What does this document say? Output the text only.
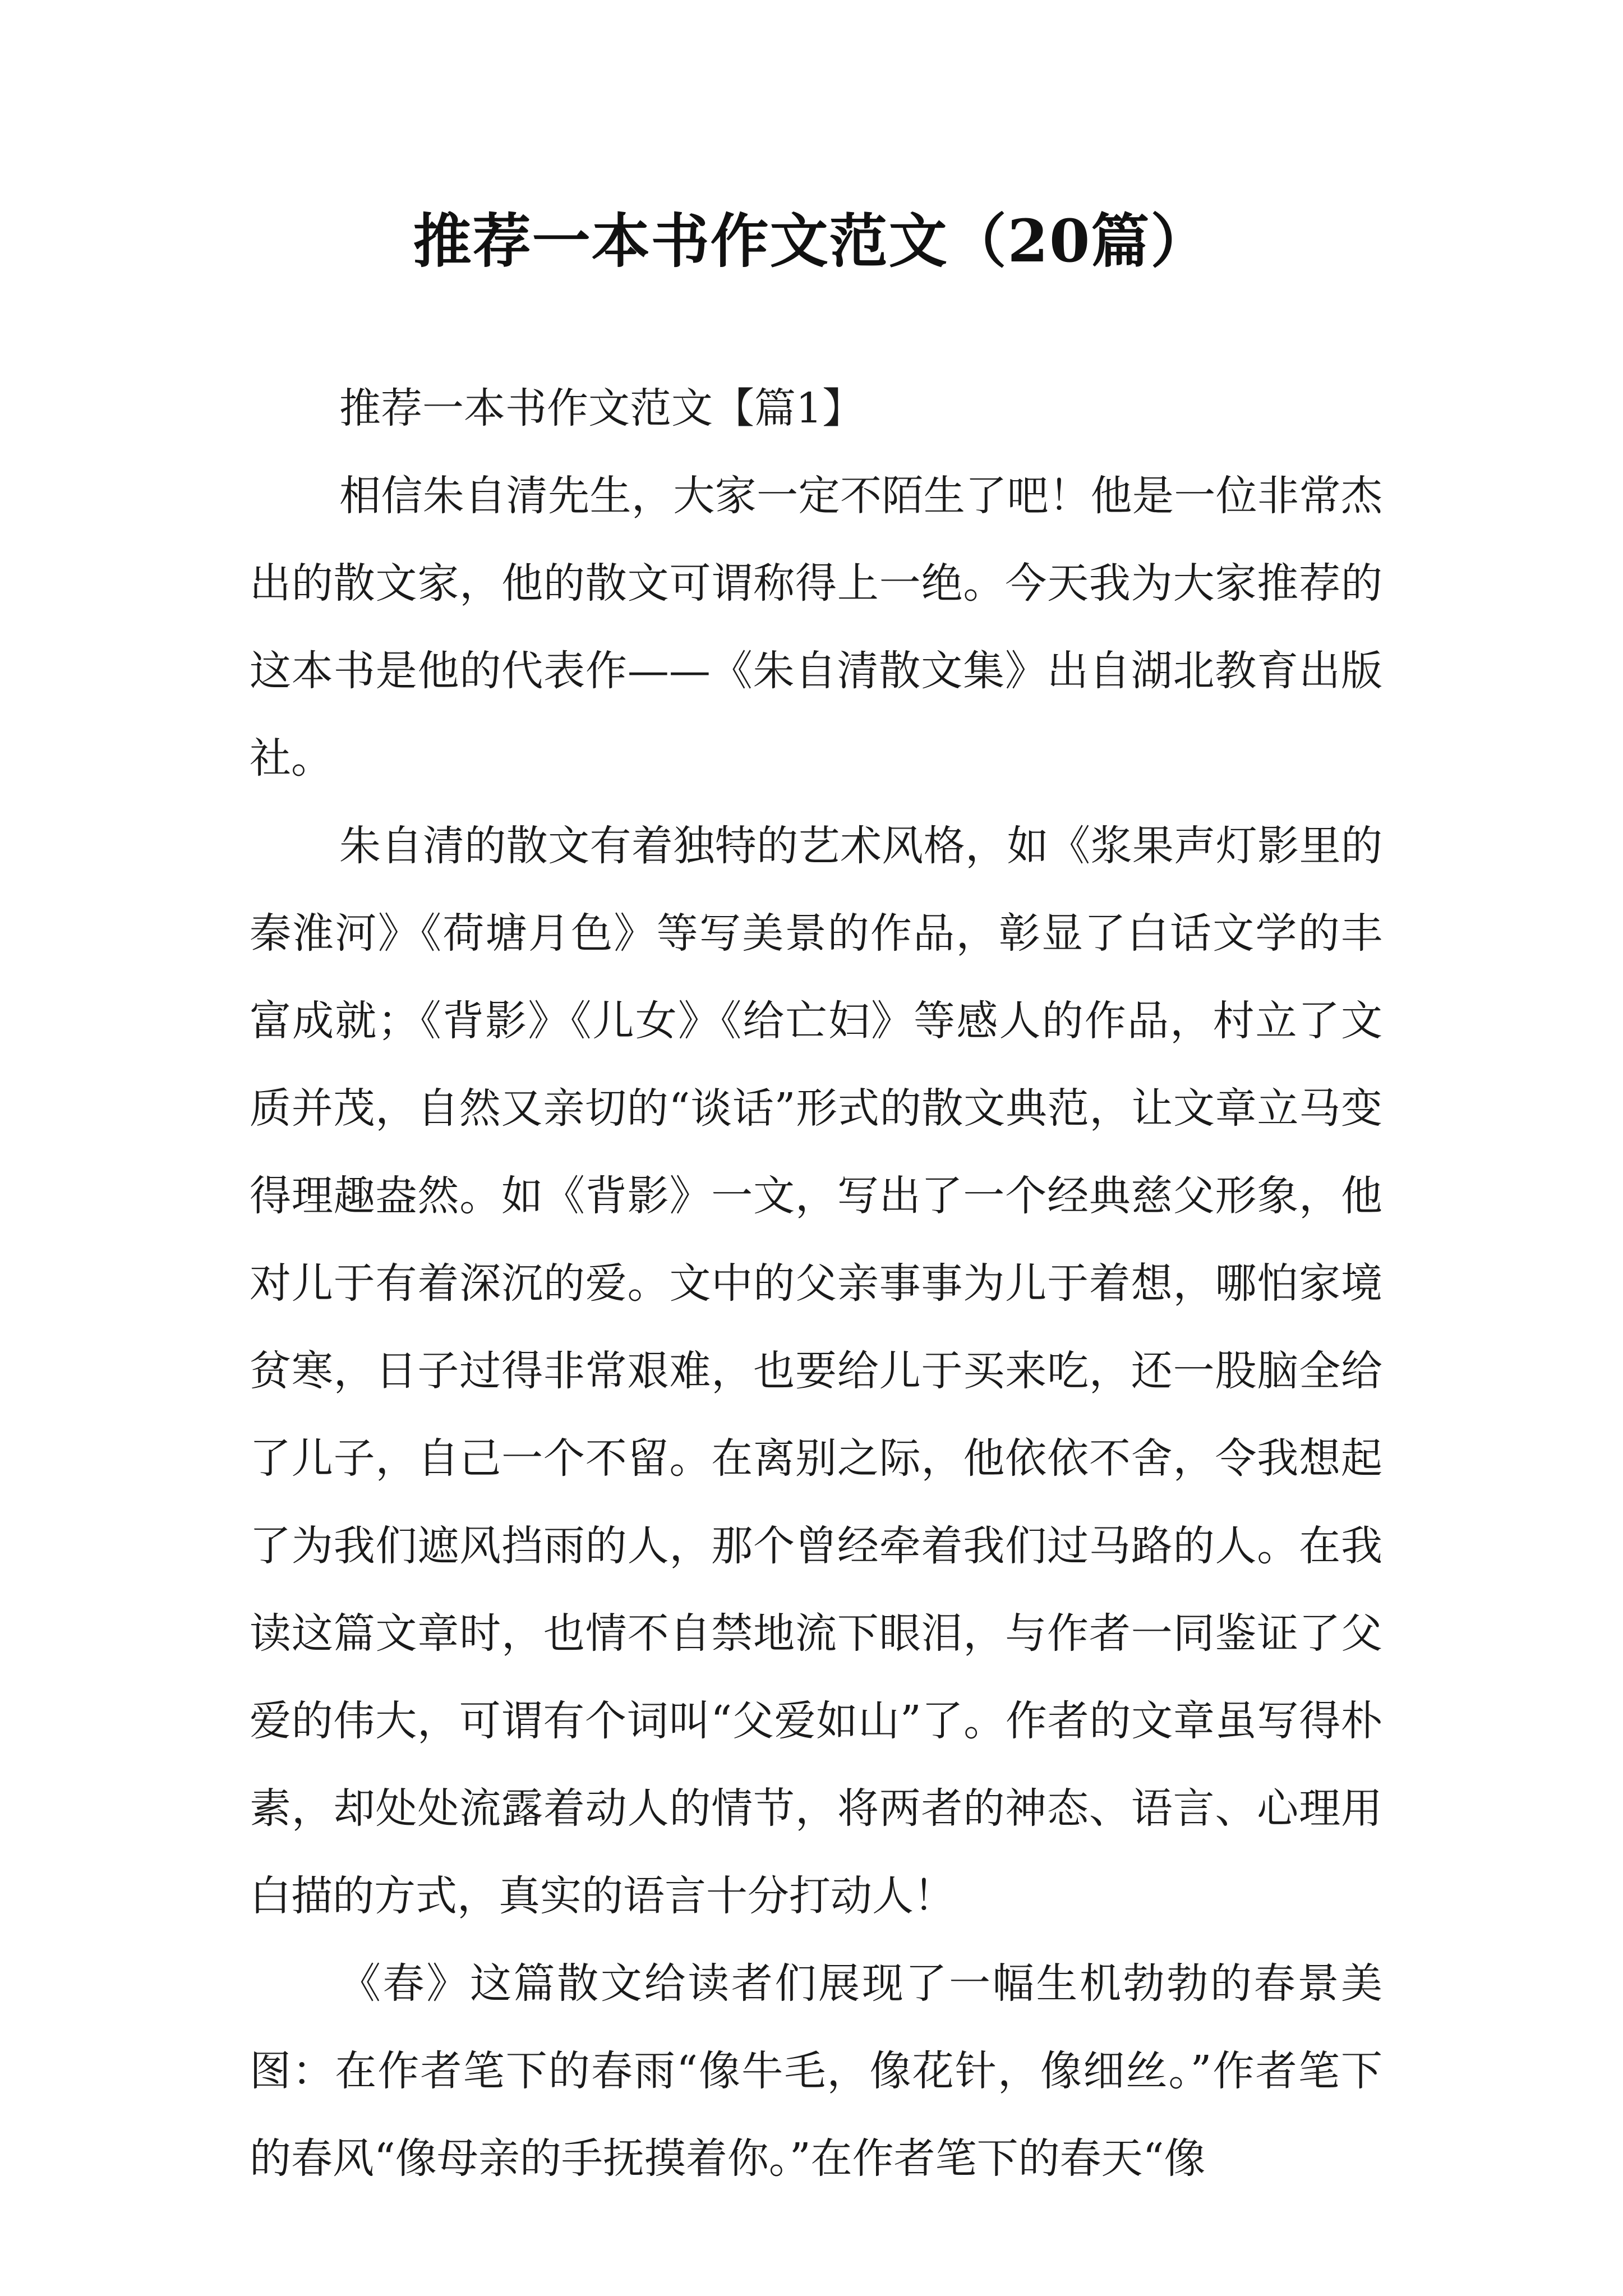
推荐一本书作文范文（20篇）

推荐一本书作文范文【篇1】

相信朱自清先生，大家一定不陌生了吧！他是一位非常杰出的散文家，他的散文可谓称得上一绝。今天我为大家推荐的这本书是他的代表作——《朱自清散文集》出自湖北教育出版社。

朱自清的散文有着独特的艺术风格，如《浆果声灯影里的秦淮河》《荷塘月色》等写美景的作品，彰显了白话文学的丰富成就；《背影》《儿女》《给亡妇》等感人的作品，村立了文质并茂，自然又亲切的“谈话”形式的散文典范，让文章立马变得理趣盎然。如《背影》一文，写出了一个经典慈父形象，他对儿于有着深沉的爱。文中的父亲事事为儿于着想，哪怕家境贫寒，日子过得非常艰难，也要给儿于买来吃，还一股脑全给了儿子，自己一个不留。在离别之际，他依依不舍，令我想起了为我们遮风挡雨的人，那个曾经牵着我们过马路的人。在我读这篇文章时，也情不自禁地流下眼泪，与作者一同鉴证了父爱的伟大，可谓有个词叫“父爱如山”了。作者的文章虽写得朴素，却处处流露着动人的情节，将两者的神态、语言、心理用白描的方式，真实的语言十分打动人！

《春》这篇散文给读者们展现了一幅生机勃勃的春景美图：在作者笔下的春雨“像牛毛，像花针，像细丝。”作者笔下的春风“像母亲的手抚摸着你。”在作者笔下的春天“像
